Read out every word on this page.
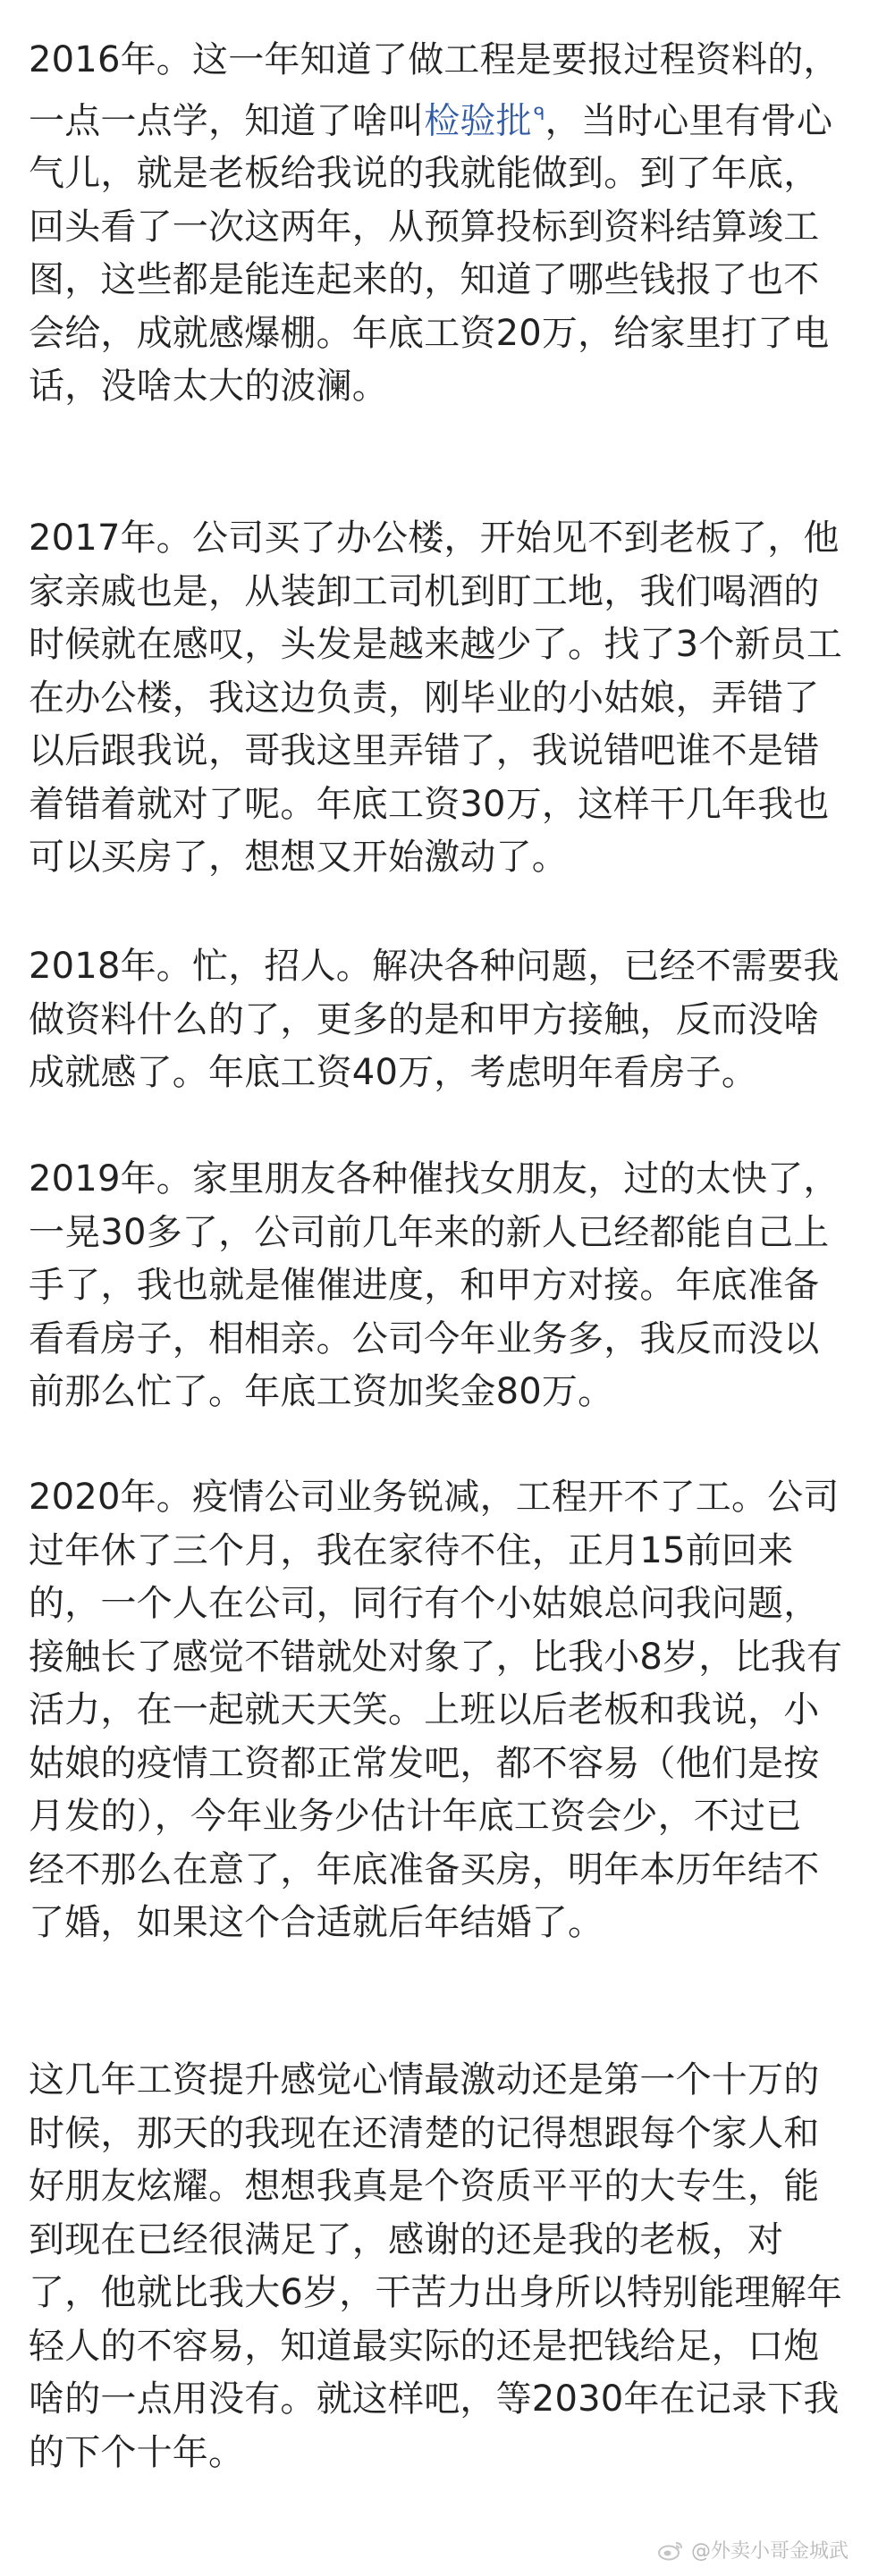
2016年。这一年知道了做工程是要报过程资料的，
一点一点学，知道了啥叫检验批 $^ᑫ$，当时心里有骨心
气儿，就是老板给我说的我就能做到。到了年底，
回头看了一次这两年，从预算投标到资料结算竣工
图，这些都是能连起来的，知道了哪些钱报了也不
会给，成就感爆棚。年底工资20万，给家里打了电
话，没啥太大的波澜。
2017年。公司买了办公楼，开始见不到老板了，他
家亲戚也是，从装卸工司机到盯工地，我们喝酒的
时候就在感叹，头发是越来越少了。找了3个新员工
在办公楼，我这边负责，刚毕业的小姑娘，弄错了
以后跟我说，哥我这里弄错了，我说错吧谁不是错
着错着就对了呢。年底工资30万，这样干几年我也
可以买房了，想想又开始激动了。
2018年。忙，招人。解决各种问题，已经不需要我
做资料什么的了，更多的是和甲方接触，反而没啥
成就感了。年底工资40万，考虑明年看房子。
2019年。家里朋友各种催找女朋友，过的太快了，
一晃30多了，公司前几年来的新人已经都能自己上
手了，我也就是催催进度，和甲方对接。年底准备
看看房子，相相亲。公司今年业务多，我反而没以
前那么忙了。年底工资加奖金80万。
2020年。疫情公司业务锐减，工程开不了工。公司
过年休了三个月，我在家待不住，正月15前回来
的，一个人在公司，同行有个小姑娘总问我问题，
接触长了感觉不错就处对象了，比我小8岁，比我有
活力，在一起就天天笑。上班以后老板和我说，小
姑娘的疫情工资都正常发吧，都不容易（他们是按
月发的），今年业务少估计年底工资会少，不过已
经不那么在意了，年底准备买房，明年本历年结不
了婚，如果这个合适就后年结婚了。
这几年工资提升感觉心情最激动还是第一个十万的
时候，那天的我现在还清楚的记得想跟每个家人和
好朋友炫耀。想想我真是个资质平平的大专生，能
到现在已经很满足了，感谢的还是我的老板，对
了，他就比我大6岁，干苦力出身所以特别能理解年
轻人的不容易，知道最实际的还是把钱给足，口炮
啥的一点用没有。就这样吧，等2030年在记录下我
的下个十年。
@外卖小哥金城武
